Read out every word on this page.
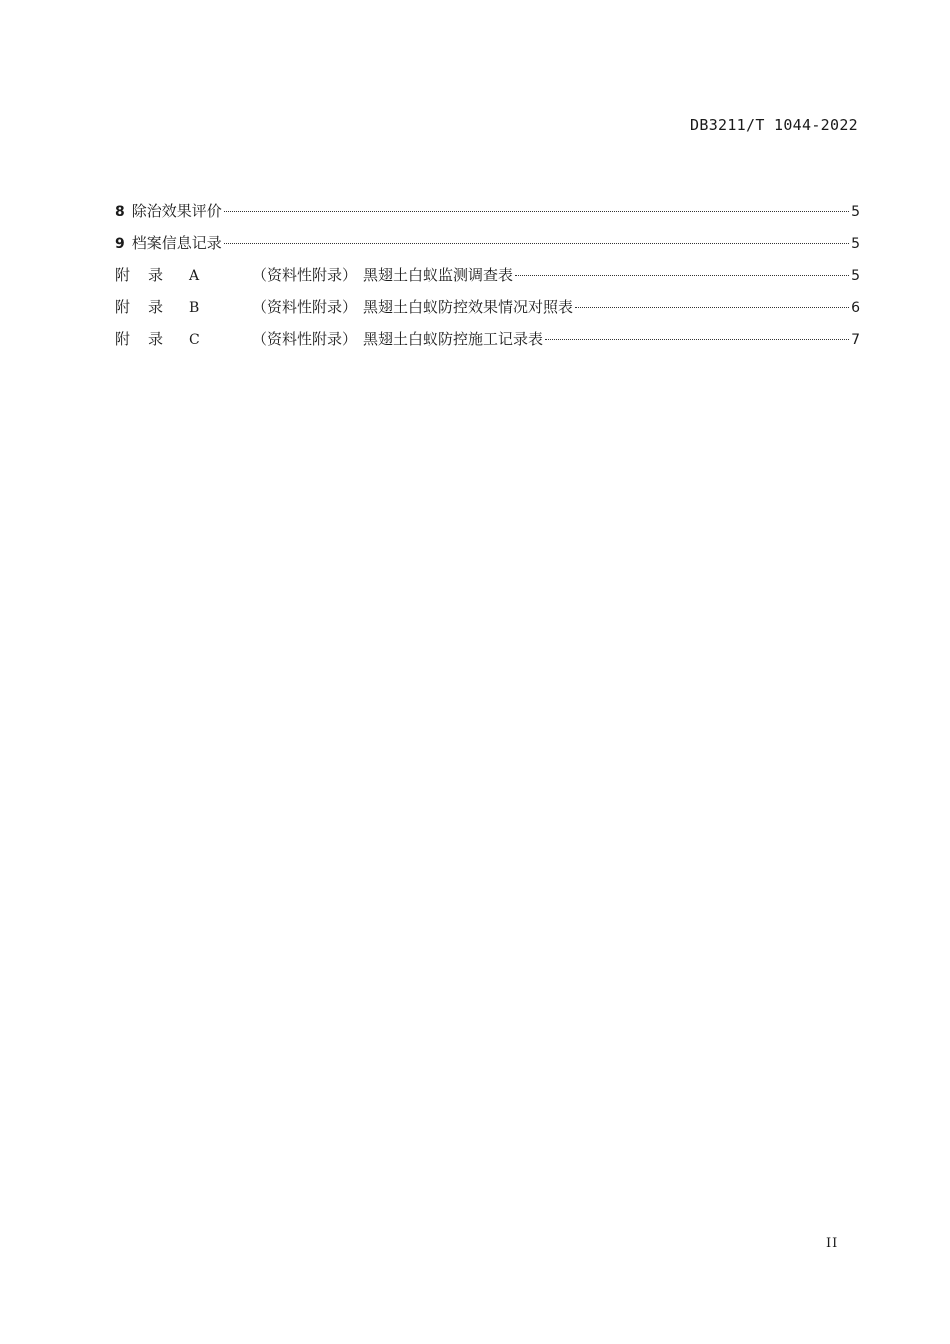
DB3211/T 1044-2022
8 除治效果评价	5
9 档案信息记录	5
附 录 A	（资料性附录） 黑翅土白蚁监测调查表	5
附 录 B	（资料性附录） 黑翅土白蚁防控效果情况对照表	6
附 录 C	（资料性附录） 黑翅土白蚁防控施工记录表	7
II
